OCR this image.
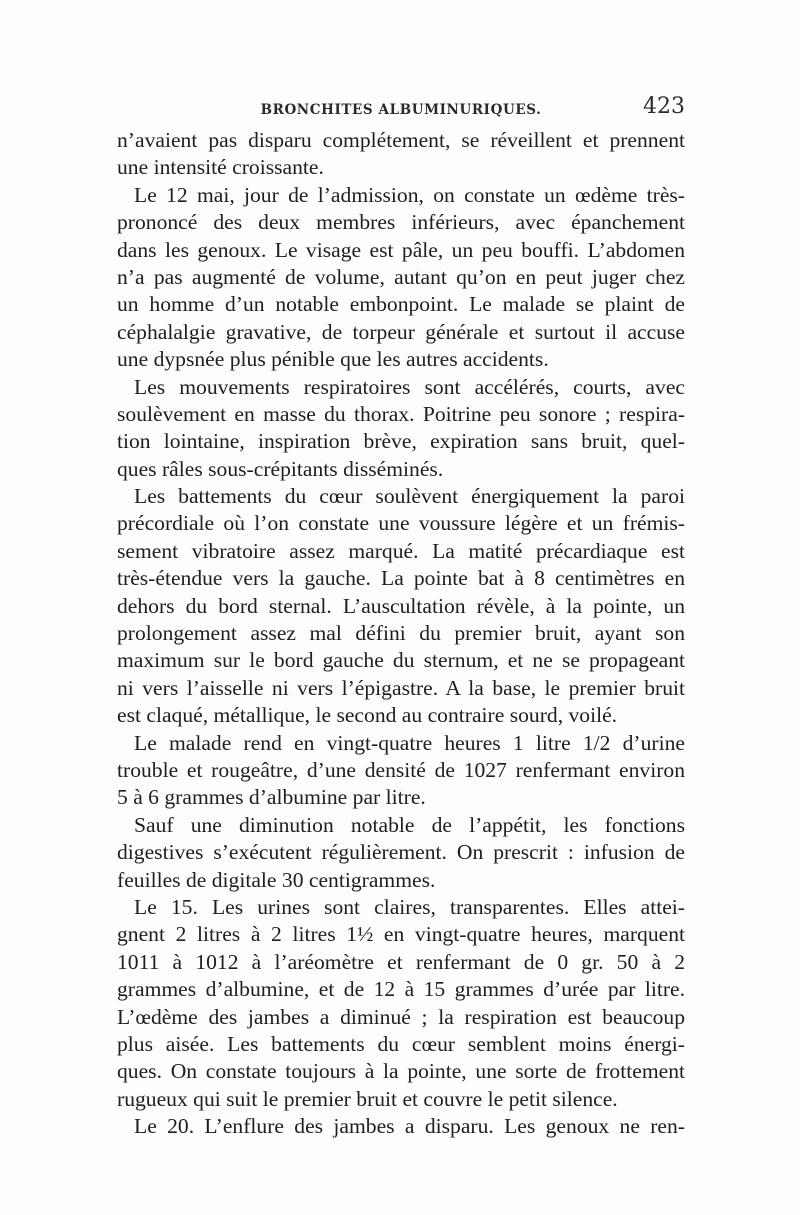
BRONCHITES ALBUMINURIQUES.	423
n’avaient pas disparu complétement, se réveillent et prennent
une intensité croissante.
Le 12 mai, jour de l’admission, on constate un œdème très-
prononcé des deux membres inférieurs, avec épanchement
dans les genoux. Le visage est pâle, un peu bouffi. L’abdomen
n’a pas augmenté de volume, autant qu’on en peut juger chez
un homme d’un notable embonpoint. Le malade se plaint de
céphalalgie gravative, de torpeur générale et surtout il accuse
une dypsnée plus pénible que les autres accidents.
Les mouvements respiratoires sont accélérés, courts, avec
soulèvement en masse du thorax. Poitrine peu sonore ; respira-
tion lointaine, inspiration brève, expiration sans bruit, quel-
ques râles sous-crépitants disséminés.
Les battements du cœur soulèvent énergiquement la paroi
précordiale où l’on constate une voussure légère et un frémis-
sement vibratoire assez marqué. La matité précardiaque est
très-étendue vers la gauche. La pointe bat à 8 centimètres en
dehors du bord sternal. L’auscultation révèle, à la pointe, un
prolongement assez mal défini du premier bruit, ayant son
maximum sur le bord gauche du sternum, et ne se propageant
ni vers l’aisselle ni vers l’épigastre. A la base, le premier bruit
est claqué, métallique, le second au contraire sourd, voilé.
Le malade rend en vingt-quatre heures 1 litre 1/2 d’urine
trouble et rougeâtre, d’une densité de 1027 renfermant environ
5 à 6 grammes d’albumine par litre.
Sauf une diminution notable de l’appétit, les fonctions
digestives s’exécutent régulièrement. On prescrit : infusion de
feuilles de digitale 30 centigrammes.
Le 15. Les urines sont claires, transparentes. Elles attei-
gnent 2 litres à 2 litres 1½ en vingt-quatre heures, marquent
1011 à 1012 à l’aréomètre et renfermant de 0 gr. 50 à 2
grammes d’albumine, et de 12 à 15 grammes d’urée par litre.
L’œdème des jambes a diminué ; la respiration est beaucoup
plus aisée. Les battements du cœur semblent moins énergi-
ques. On constate toujours à la pointe, une sorte de frottement
rugueux qui suit le premier bruit et couvre le petit silence.
Le 20. L’enflure des jambes a disparu. Les genoux ne ren-
